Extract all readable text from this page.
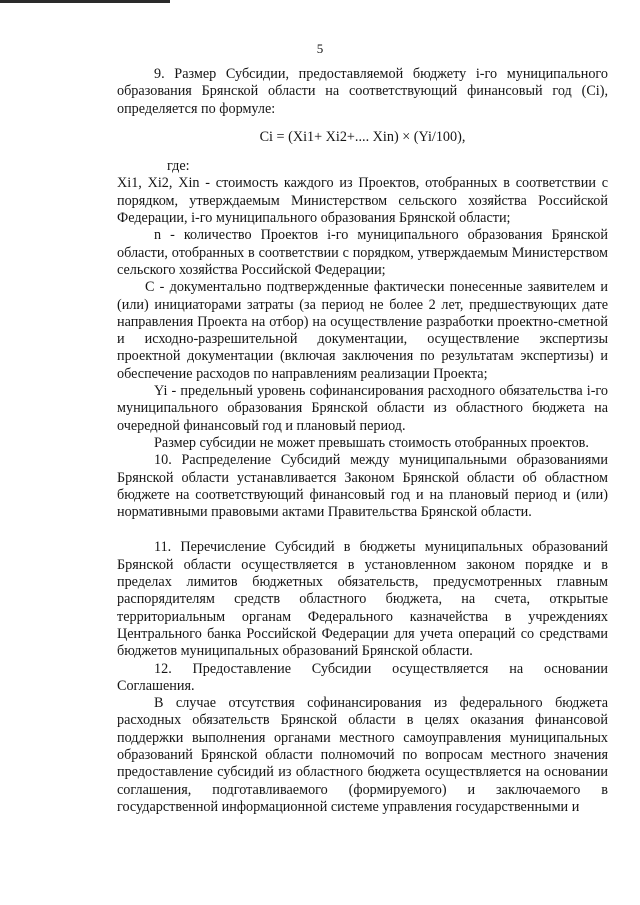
5

9. Размер Субсидии, предоставляемой бюджету i-го муниципального образования Брянской области на соответствующий финансовый год (Ci), определяется по формуле:

Ci = (Xi1+ Xi2+.... Xin) × (Yi/100),

где:

Xi1, Xi2, Xin - стоимость каждого из Проектов, отобранных в соответствии с порядком, утверждаемым Министерством сельского хозяйства Российской Федерации, i-го муниципального образования Брянской области;

n - количество Проектов i-го муниципального образования Брянской области, отобранных в соответствии с порядком, утверждаемым Министерством сельского хозяйства Российской Федерации;

С - документально подтвержденные фактически понесенные заявителем и (или) инициаторами затраты (за период не более 2 лет, предшествующих дате направления Проекта на отбор) на осуществление разработки проектно-сметной и исходно-разрешительной документации, осуществление экспертизы проектной документации (включая заключения по результатам экспертизы) и обеспечение расходов по направлениям реализации Проекта;

Yi - предельный уровень софинансирования расходного обязательства i-го муниципального образования Брянской области из областного бюджета на очередной финансовый год и плановый период.

Размер субсидии не может превышать стоимость отобранных проектов.

10. Распределение Субсидий между муниципальными образованиями Брянской области устанавливается Законом Брянской области об областном бюджете на соответствующий финансовый год и на плановый период и (или) нормативными правовыми актами Правительства Брянской области.

11. Перечисление Субсидий в бюджеты муниципальных образований Брянской области осуществляется в установленном законом порядке и в пределах лимитов бюджетных обязательств, предусмотренных главным распорядителям средств областного бюджета, на счета, открытые территориальным органам Федерального казначейства в учреждениях Центрального банка Российской Федерации для учета операций со средствами бюджетов муниципальных образований Брянской области.

12. Предоставление Субсидии осуществляется на основании

Соглашения.

В случае отсутствия софинансирования из федерального бюджета расходных обязательств Брянской области в целях оказания финансовой поддержки выполнения органами местного самоуправления муниципальных образований Брянской области полномочий по вопросам местного значения предоставление субсидий из областного бюджета осуществляется на основании соглашения, подготавливаемого (формируемого) и заключаемого в государственной информационной системе управления государственными и
